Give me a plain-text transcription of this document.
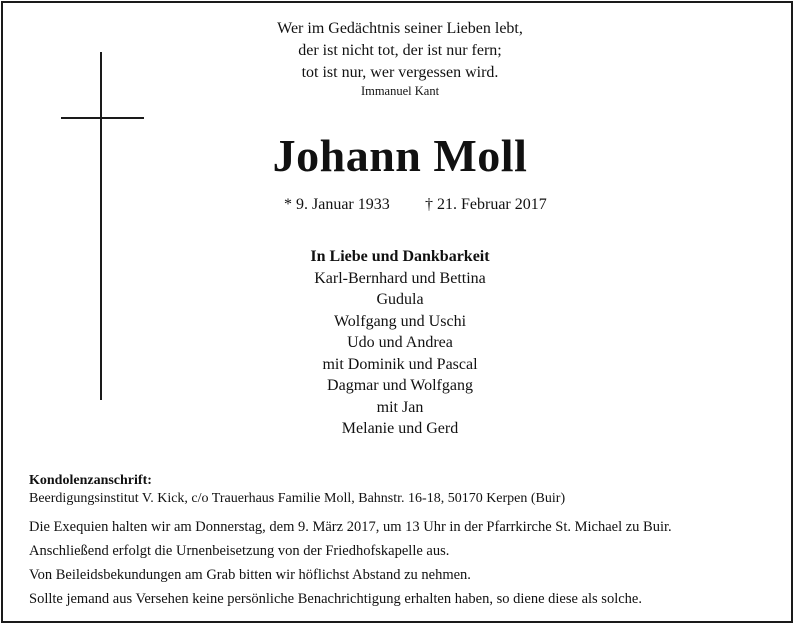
Wer im Gedächtnis seiner Lieben lebt,
der ist nicht tot, der ist nur fern;
tot ist nur, wer vergessen wird.
Immanuel Kant
Johann Moll
* 9. Januar 1933 † 21. Februar 2017
In Liebe und Dankbarkeit
Karl-Bernhard und Bettina
Gudula
Wolfgang und Uschi
Udo und Andrea
mit Dominik und Pascal
Dagmar und Wolfgang
mit Jan
Melanie und Gerd
Kondolenzanschrift:
Beerdigungsinstitut V. Kick, c/o Trauerhaus Familie Moll, Bahnstr. 16-18, 50170 Kerpen (Buir)
Die Exequien halten wir am Donnerstag, dem 9. März 2017, um 13 Uhr in der Pfarrkirche St. Michael zu Buir.
Anschließend erfolgt die Urnenbeisetzung von der Friedhofskapelle aus.
Von Beileidsbekundungen am Grab bitten wir höflichst Abstand zu nehmen.
Sollte jemand aus Versehen keine persönliche Benachrichtigung erhalten haben, so diene diese als solche.
